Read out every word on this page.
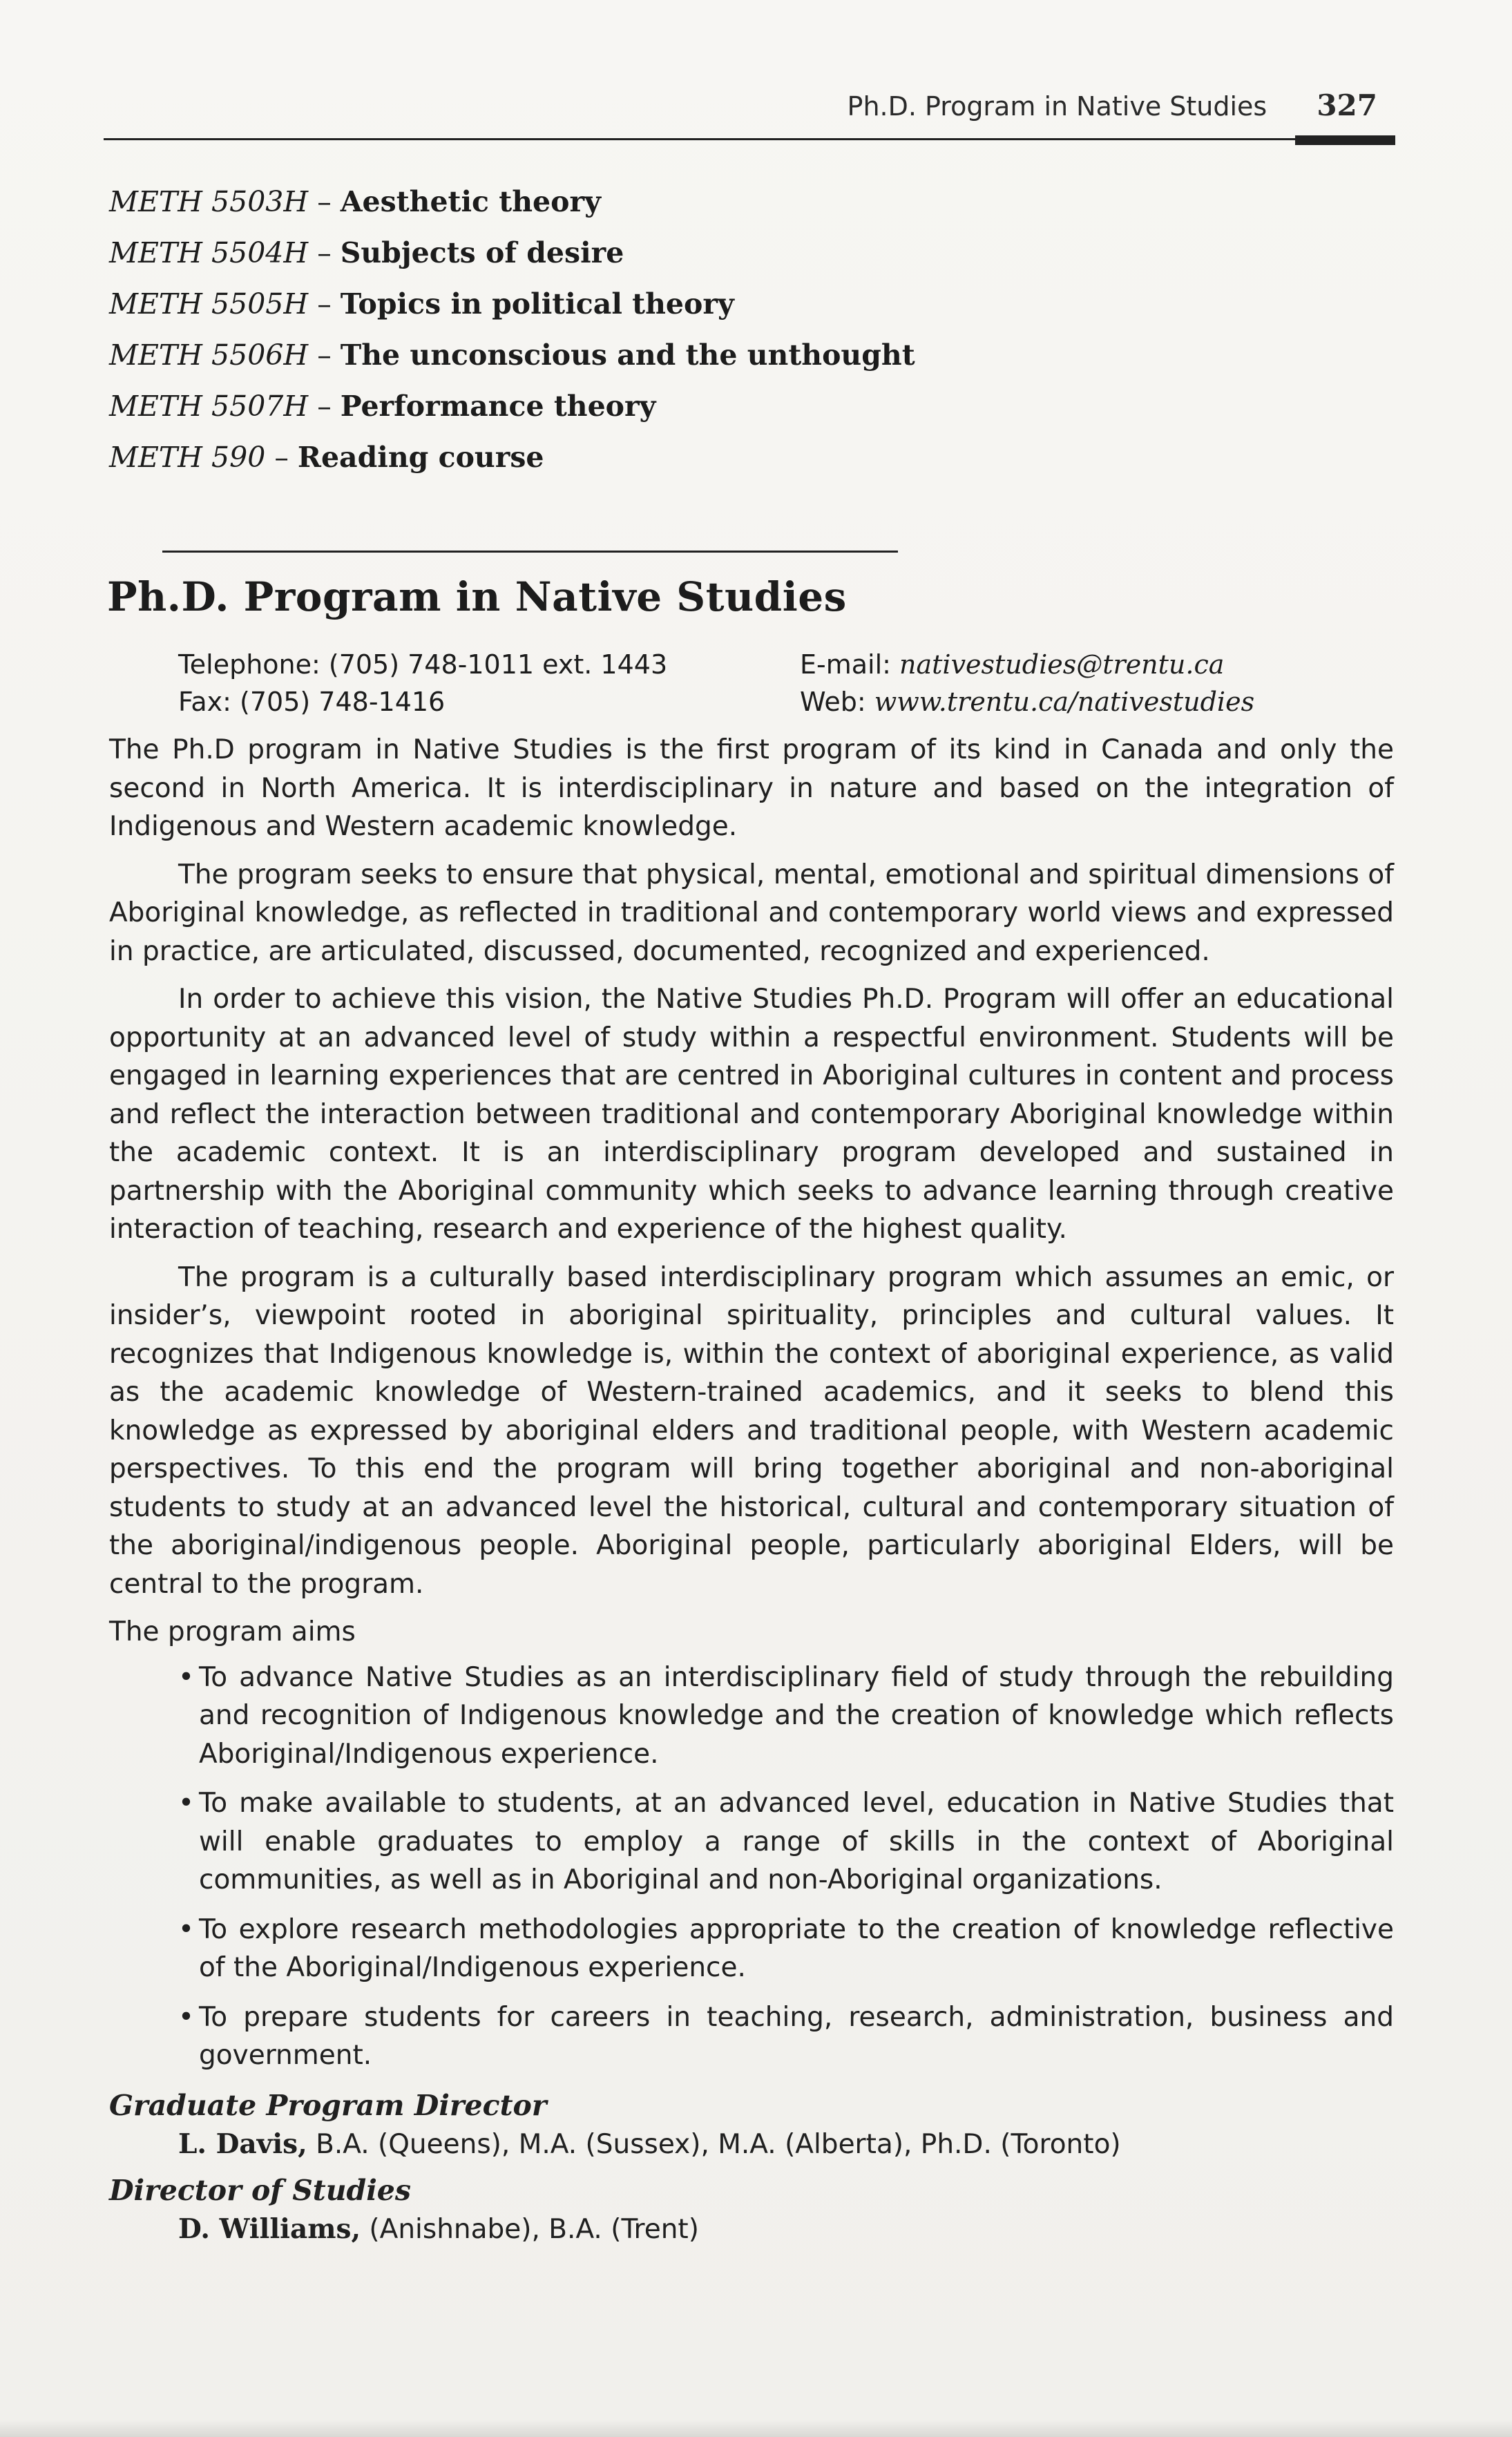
Ph.D. Program in Native Studies 327
METH 5503H – Aesthetic theory
METH 5504H – Subjects of desire
METH 5505H – Topics in political theory
METH 5506H – The unconscious and the unthought
METH 5507H – Performance theory
METH 590 – Reading course
Ph.D. Program in Native Studies
Telephone: (705) 748-1011 ext. 1443	E-mail: nativestudies@trentu.ca
Fax: (705) 748-1416	Web: www.trentu.ca/nativestudies

The Ph.D program in Native Studies is the first program of its kind in Canada and only the second in North America. It is interdisciplinary in nature and based on the integration of Indigenous and Western academic knowledge.

The program seeks to ensure that physical, mental, emotional and spiritual dimensions of Aboriginal knowledge, as reflected in traditional and contemporary world views and expressed in practice, are articulated, discussed, documented, recognized and experienced.

In order to achieve this vision, the Native Studies Ph.D. Program will offer an educational opportunity at an advanced level of study within a respectful environment. Students will be engaged in learning experiences that are centred in Aboriginal cultures in content and process and reflect the interaction between traditional and contemporary Aboriginal knowledge within the academic context. It is an interdisciplinary program developed and sustained in partnership with the Aboriginal community which seeks to advance learning through creative interaction of teaching, research and experience of the highest quality.

The program is a culturally based interdisciplinary program which assumes an emic, or insider’s, viewpoint rooted in aboriginal spirituality, principles and cultural values. It recognizes that Indigenous knowledge is, within the context of aboriginal experience, as valid as the academic knowledge of Western-trained academics, and it seeks to blend this knowledge as expressed by aboriginal elders and traditional people, with Western academic perspectives. To this end the program will bring together aboriginal and non-aboriginal students to study at an advanced level the historical, cultural and contemporary situation of the aboriginal/indigenous people. Aboriginal people, particularly aboriginal Elders, will be central to the program.

The program aims

• To advance Native Studies as an interdisciplinary field of study through the rebuilding and recognition of Indigenous knowledge and the creation of knowledge which reflects Aboriginal/Indigenous experience.
• To make available to students, at an advanced level, education in Native Studies that will enable graduates to employ a range of skills in the context of Aboriginal communities, as well as in Aboriginal and non-Aboriginal organizations.
• To explore research methodologies appropriate to the creation of knowledge reflective of the Aboriginal/Indigenous experience.
• To prepare students for careers in teaching, research, administration, business and government.
Graduate Program Director
L. Davis, B.A. (Queens), M.A. (Sussex), M.A. (Alberta), Ph.D. (Toronto)
Director of Studies
D. Williams, (Anishnabe), B.A. (Trent)
